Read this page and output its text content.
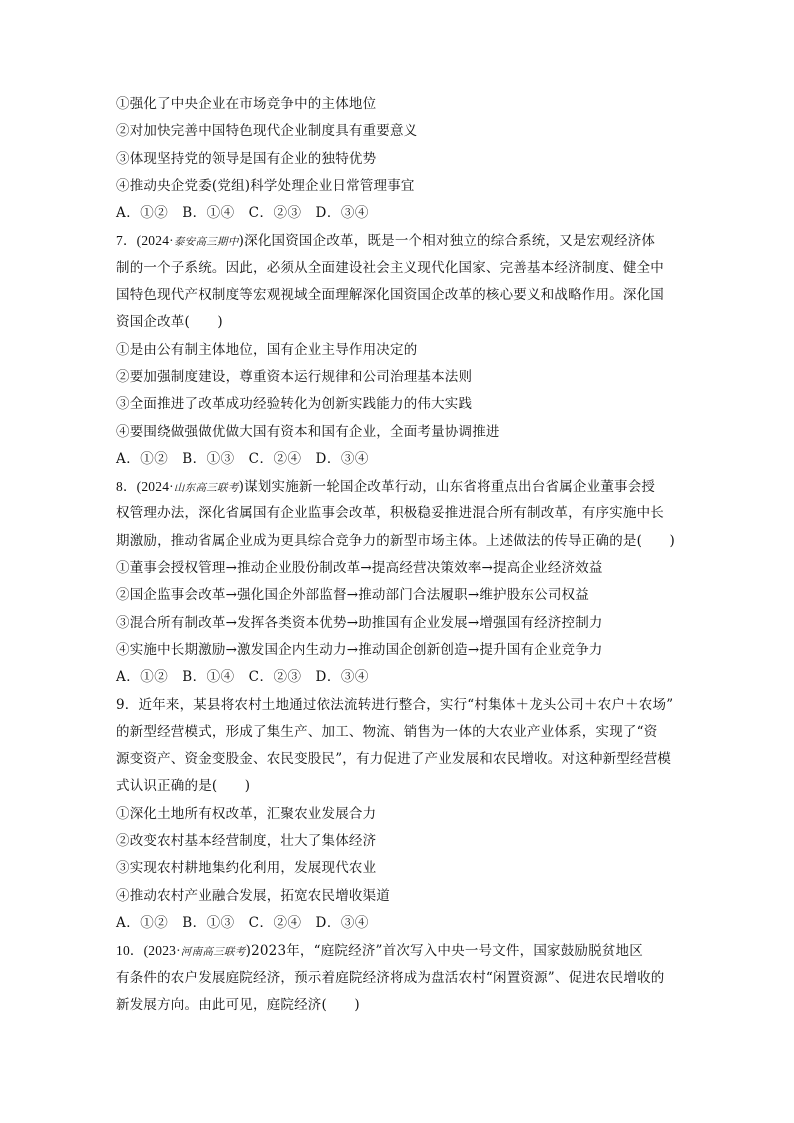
①强化了中央企业在市场竞争中的主体地位
②对加快完善中国特色现代企业制度具有重要意义
③体现坚持党的领导是国有企业的独特优势
④推动央企党委(党组)科学处理企业日常管理事宜
A．①②　B．①④　C．②③　D．③④
7．(2024·泰安高三期中)深化国资国企改革，既是一个相对独立的综合系统，又是宏观经济体
制的一个子系统。因此，必须从全面建设社会主义现代化国家、完善基本经济制度、健全中
国特色现代产权制度等宏观视域全面理解深化国资国企改革的核心要义和战略作用。深化国
资国企改革(　　)
①是由公有制主体地位，国有企业主导作用决定的
②要加强制度建设，尊重资本运行规律和公司治理基本法则
③全面推进了改革成功经验转化为创新实践能力的伟大实践
④要围绕做强做优做大国有资本和国有企业，全面考量协调推进
A．①②　B．①③　C．②④　D．③④
8．(2024·山东高三联考)谋划实施新一轮国企改革行动，山东省将重点出台省属企业董事会授
权管理办法，深化省属国有企业监事会改革，积极稳妥推进混合所有制改革，有序实施中长
期激励，推动省属企业成为更具综合竞争力的新型市场主体。上述做法的传导正确的是(　　)
①董事会授权管理→推动企业股份制改革→提高经营决策效率→提高企业经济效益
②国企监事会改革→强化国企外部监督→推动部门合法履职→维护股东公司权益
③混合所有制改革→发挥各类资本优势→助推国有企业发展→增强国有经济控制力
④实施中长期激励→激发国企内生动力→推动国企创新创造→提升国有企业竞争力
A．①②　B．①④　C．②③　D．③④
9．近年来，某县将农村土地通过依法流转进行整合，实行“村集体＋龙头公司＋农户＋农场”
的新型经营模式，形成了集生产、加工、物流、销售为一体的大农业产业体系，实现了“资
源变资产、资金变股金、农民变股民”，有力促进了产业发展和农民增收。对这种新型经营模
式认识正确的是(　　)
①深化土地所有权改革，汇聚农业发展合力
②改变农村基本经营制度，壮大了集体经济
③实现农村耕地集约化利用，发展现代农业
④推动农村产业融合发展，拓宽农民增收渠道
A．①②　B．①③　C．②④　D．③④
10．(2023·河南高三联考)2023年，“庭院经济”首次写入中央一号文件，国家鼓励脱贫地区
有条件的农户发展庭院经济，预示着庭院经济将成为盘活农村“闲置资源”、促进农民增收的
新发展方向。由此可见，庭院经济(　　)
